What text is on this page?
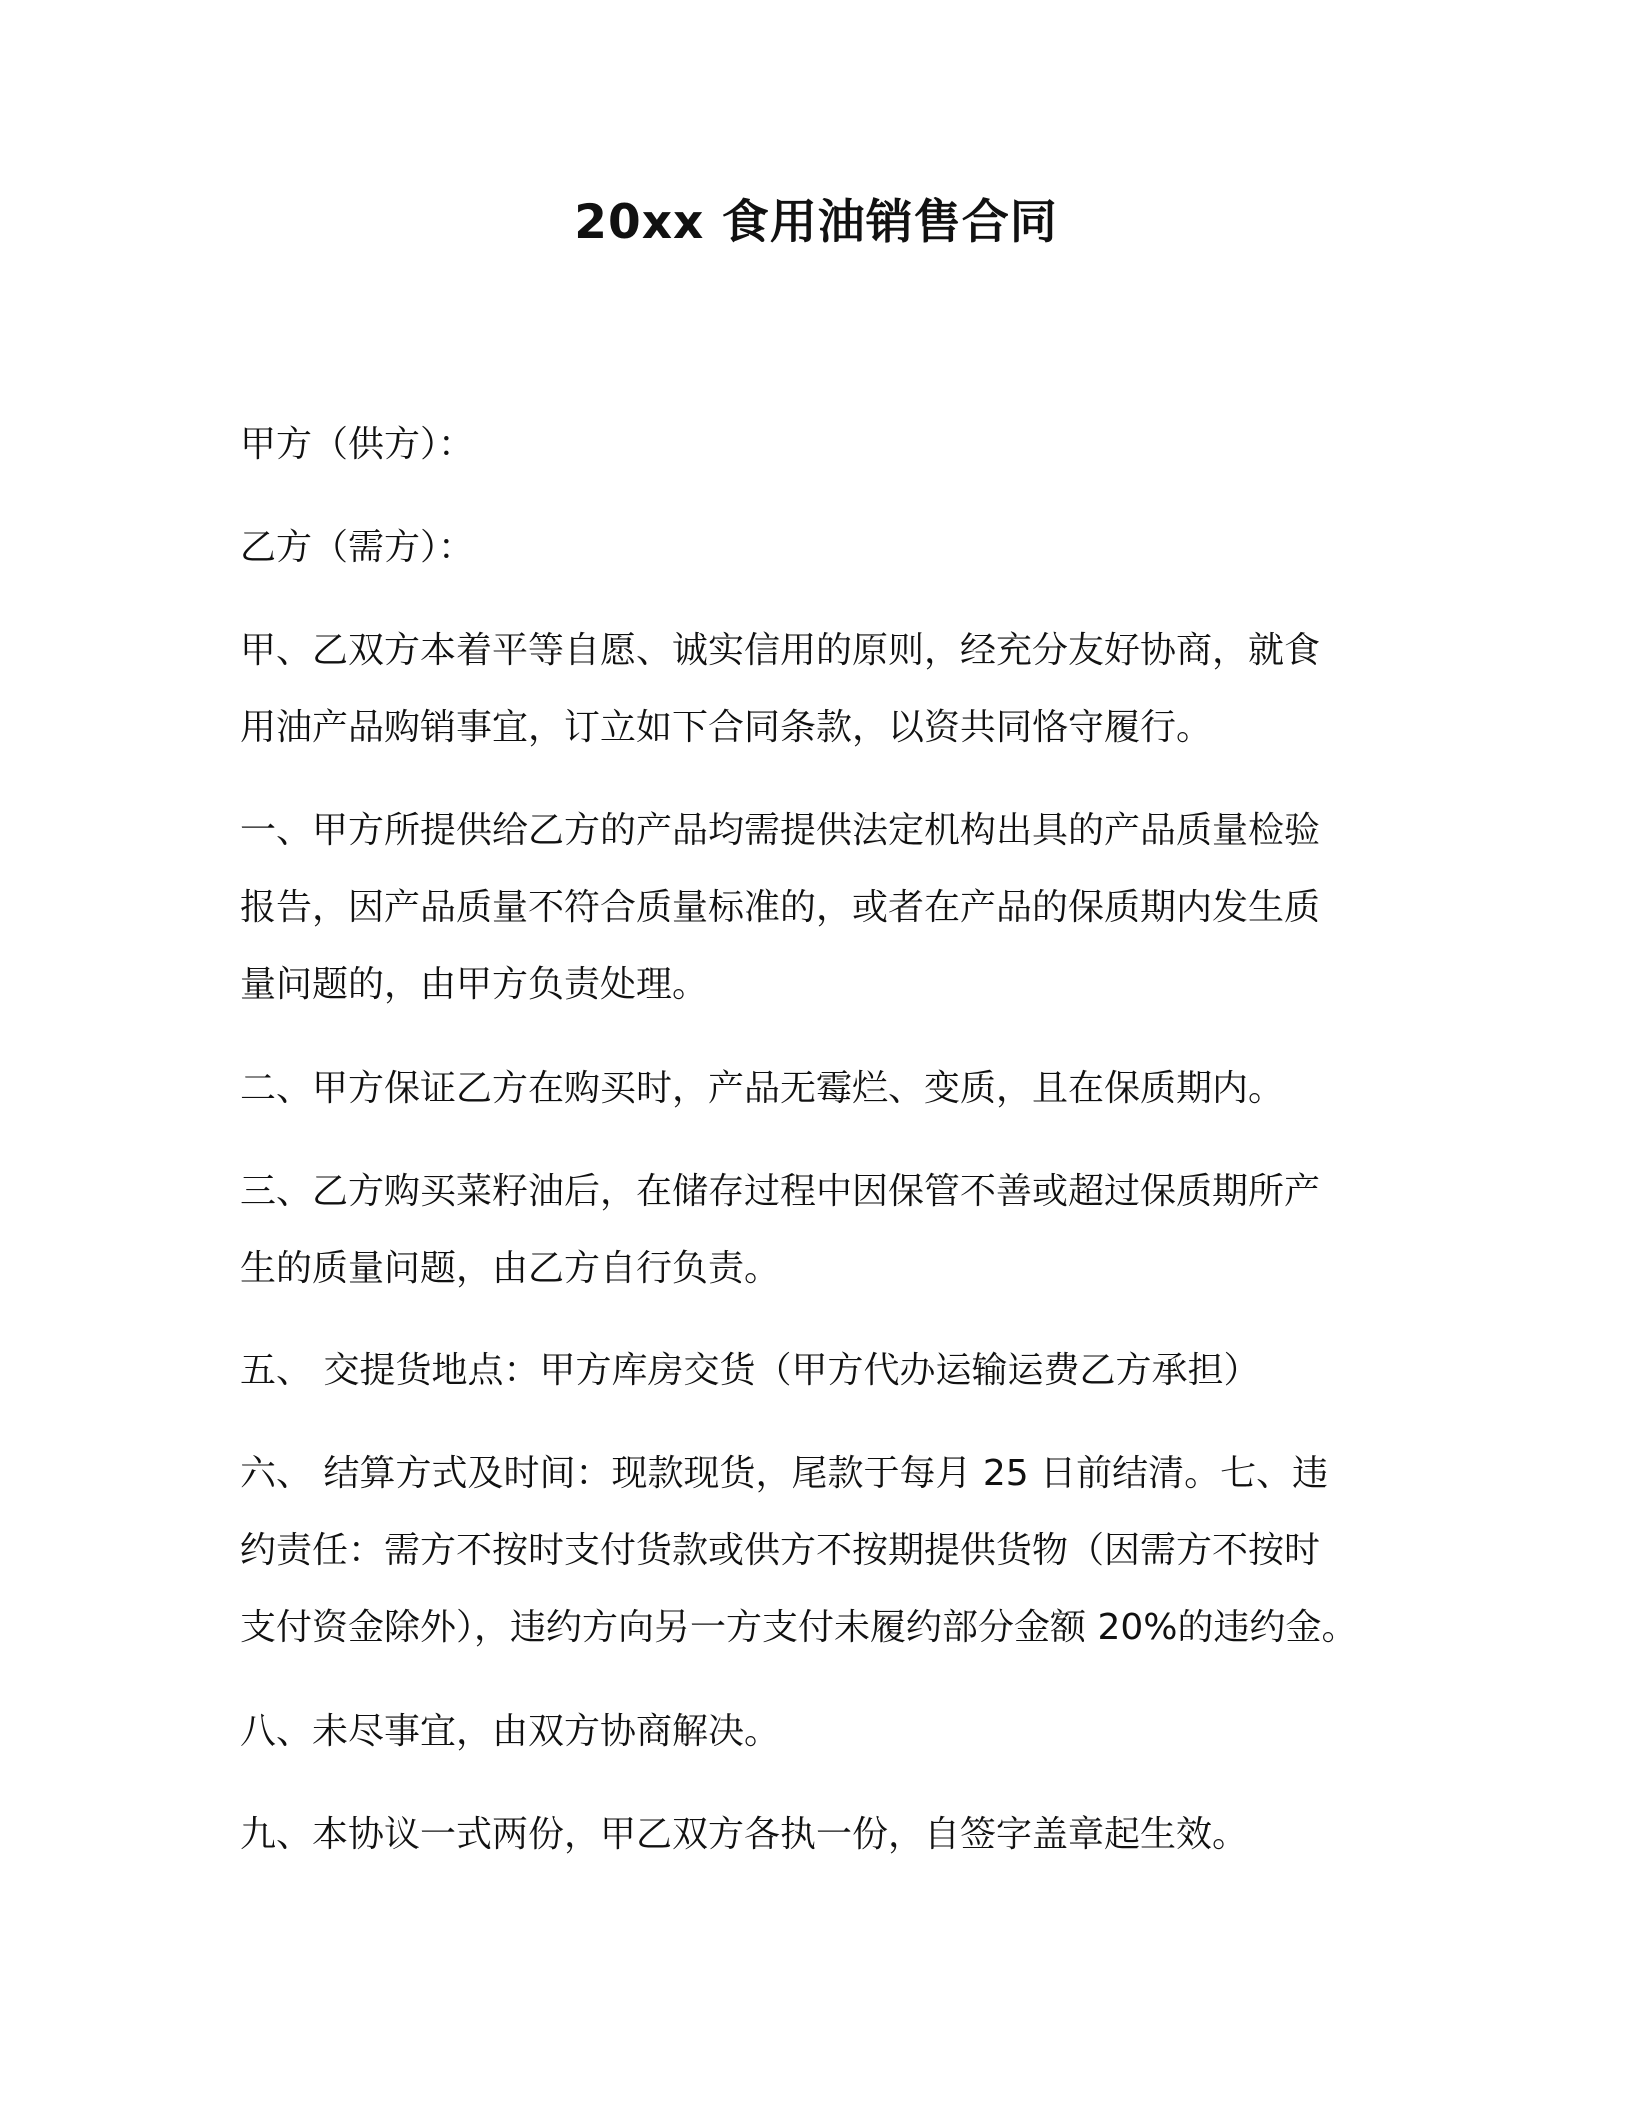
20xx 食用油销售合同
甲方（供方）：
乙方（需方）：
甲、乙双方本着平等自愿、诚实信用的原则，经充分友好协商，就食
用油产品购销事宜，订立如下合同条款，以资共同恪守履行。
一、甲方所提供给乙方的产品均需提供法定机构出具的产品质量检验
报告，因产品质量不符合质量标准的，或者在产品的保质期内发生质
量问题的，由甲方负责处理。
二、甲方保证乙方在购买时，产品无霉烂、变质，且在保质期内。
三、乙方购买菜籽油后，在储存过程中因保管不善或超过保质期所产
生的质量问题，由乙方自行负责。
五、 交提货地点：甲方库房交货（甲方代办运输运费乙方承担）
六、 结算方式及时间：现款现货，尾款于每月 25 日前结清。七、违
约责任：需方不按时支付货款或供方不按期提供货物（因需方不按时
支付资金除外），违约方向另一方支付未履约部分金额 20%的违约金。
八、未尽事宜，由双方协商解决。
九、本协议一式两份，甲乙双方各执一份，自签字盖章起生效。
